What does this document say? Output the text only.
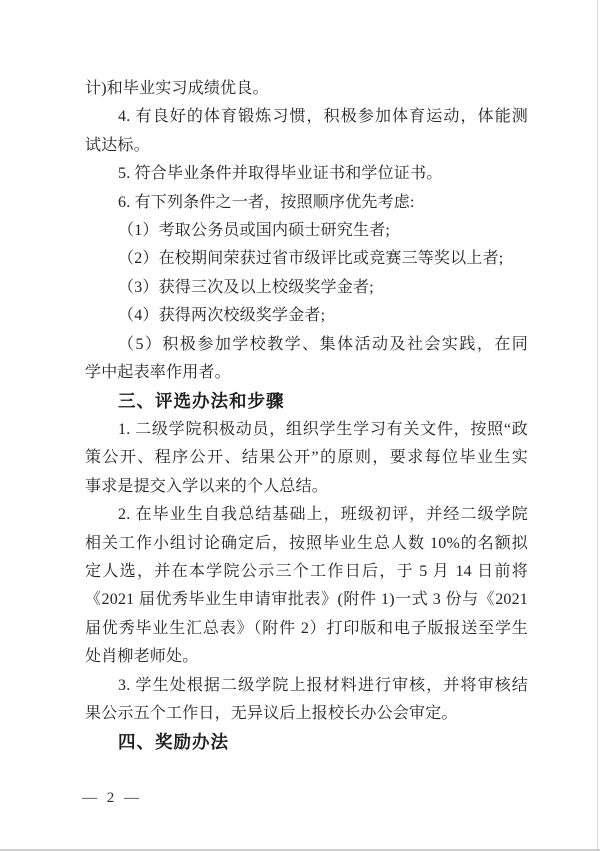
计)和毕业实习成绩优良。
4. 有良好的体育锻炼习惯，积极参加体育运动，体能测
试达标。
5. 符合毕业条件并取得毕业证书和学位证书。
6. 有下列条件之一者，按照顺序优先考虑:
（1）考取公务员或国内硕士研究生者;
（2）在校期间荣获过省市级评比或竞赛三等奖以上者;
（3）获得三次及以上校级奖学金者;
（4）获得两次校级奖学金者;
（5）积极参加学校教学、集体活动及社会实践，在同
学中起表率作用者。
三、评选办法和步骤
1. 二级学院积极动员，组织学生学习有关文件，按照“政
策公开、程序公开、结果公开”的原则，要求每位毕业生实
事求是提交入学以来的个人总结。
2. 在毕业生自我总结基础上，班级初评，并经二级学院
相关工作小组讨论确定后，按照毕业生总人数 10%的名额拟
定人选，并在本学院公示三个工作日后，于 5 月 14 日前将
《2021 届优秀毕业生申请审批表》(附件 1)一式 3 份与《2021
届优秀毕业生汇总表》（附件 2）打印版和电子版报送至学生
处肖柳老师处。
3. 学生处根据二级学院上报材料进行审核，并将审核结
果公示五个工作日，无异议后上报校长办公会审定。
四、奖励办法
— 2 —
